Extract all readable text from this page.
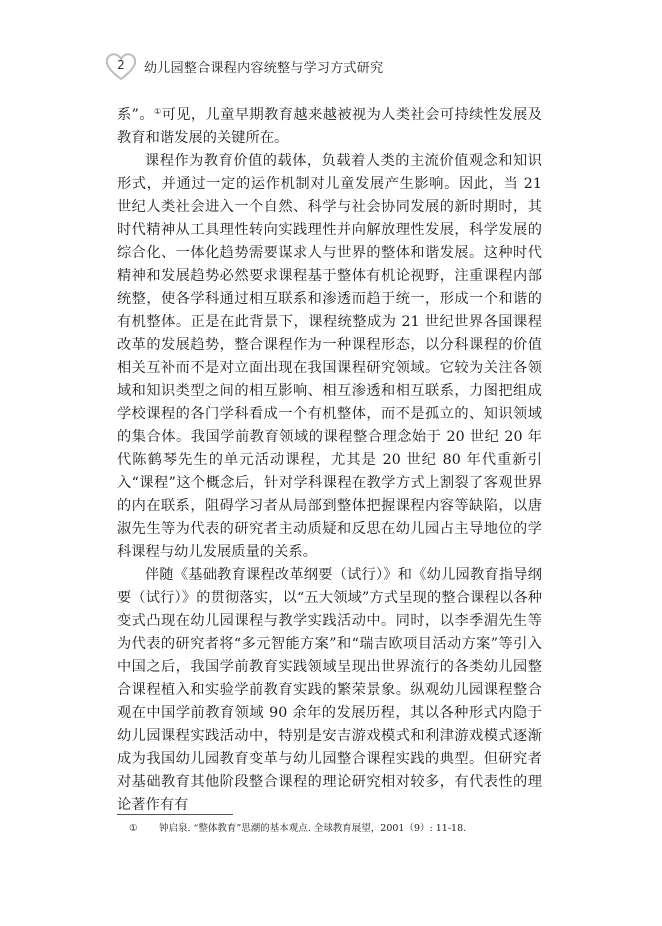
2	幼儿园整合课程内容统整与学习方式研究

系”。①可见，儿童早期教育越来越被视为人类社会可持续性发展及教育和谐发展的关键所在。

课程作为教育价值的载体，负载着人类的主流价值观念和知识形式，并通过一定的运作机制对儿童发展产生影响。因此，当 21 世纪人类社会进入一个自然、科学与社会协同发展的新时期时，其时代精神从工具理性转向实践理性并向解放理性发展，科学发展的综合化、一体化趋势需要谋求人与世界的整体和谐发展。这种时代精神和发展趋势必然要求课程基于整体有机论视野，注重课程内部统整，使各学科通过相互联系和渗透而趋于统一，形成一个和谐的有机整体。正是在此背景下，课程统整成为 21 世纪世界各国课程改革的发展趋势，整合课程作为一种课程形态，以分科课程的价值相关互补而不是对立面出现在我国课程研究领域。它较为关注各领域和知识类型之间的相互影响、相互渗透和相互联系，力图把组成学校课程的各门学科看成一个有机整体，而不是孤立的、知识领域的集合体。我国学前教育领域的课程整合理念始于 20 世纪 20 年代陈鹤琴先生的单元活动课程，尤其是 20 世纪 80 年代重新引入“课程”这个概念后，针对学科课程在教学方式上割裂了客观世界的内在联系，阻碍学习者从局部到整体把握课程内容等缺陷，以唐淑先生等为代表的研究者主动质疑和反思在幼儿园占主导地位的学科课程与幼儿发展质量的关系。

伴随《基础教育课程改革纲要（试行）》和《幼儿园教育指导纲要（试行）》的贯彻落实，以“五大领域”方式呈现的整合课程以各种变式凸现在幼儿园课程与教学实践活动中。同时，以李季湄先生等为代表的研究者将“多元智能方案”和“瑞吉欧项目活动方案”等引入中国之后，我国学前教育实践领域呈现出世界流行的各类幼儿园整合课程植入和实验学前教育实践的繁荣景象。纵观幼儿园课程整合观在中国学前教育领域 90 余年的发展历程，其以各种形式内隐于幼儿园课程实践活动中，特别是安吉游戏模式和利津游戏模式逐渐成为我国幼儿园教育变革与幼儿园整合课程实践的典型。但研究者对基础教育其他阶段整合课程的理论研究相对较多，有代表性的理论著作有有

① 钟启泉. “整体教育”思潮的基本观点. 全球教育展望，2001（9）: 11-18.
